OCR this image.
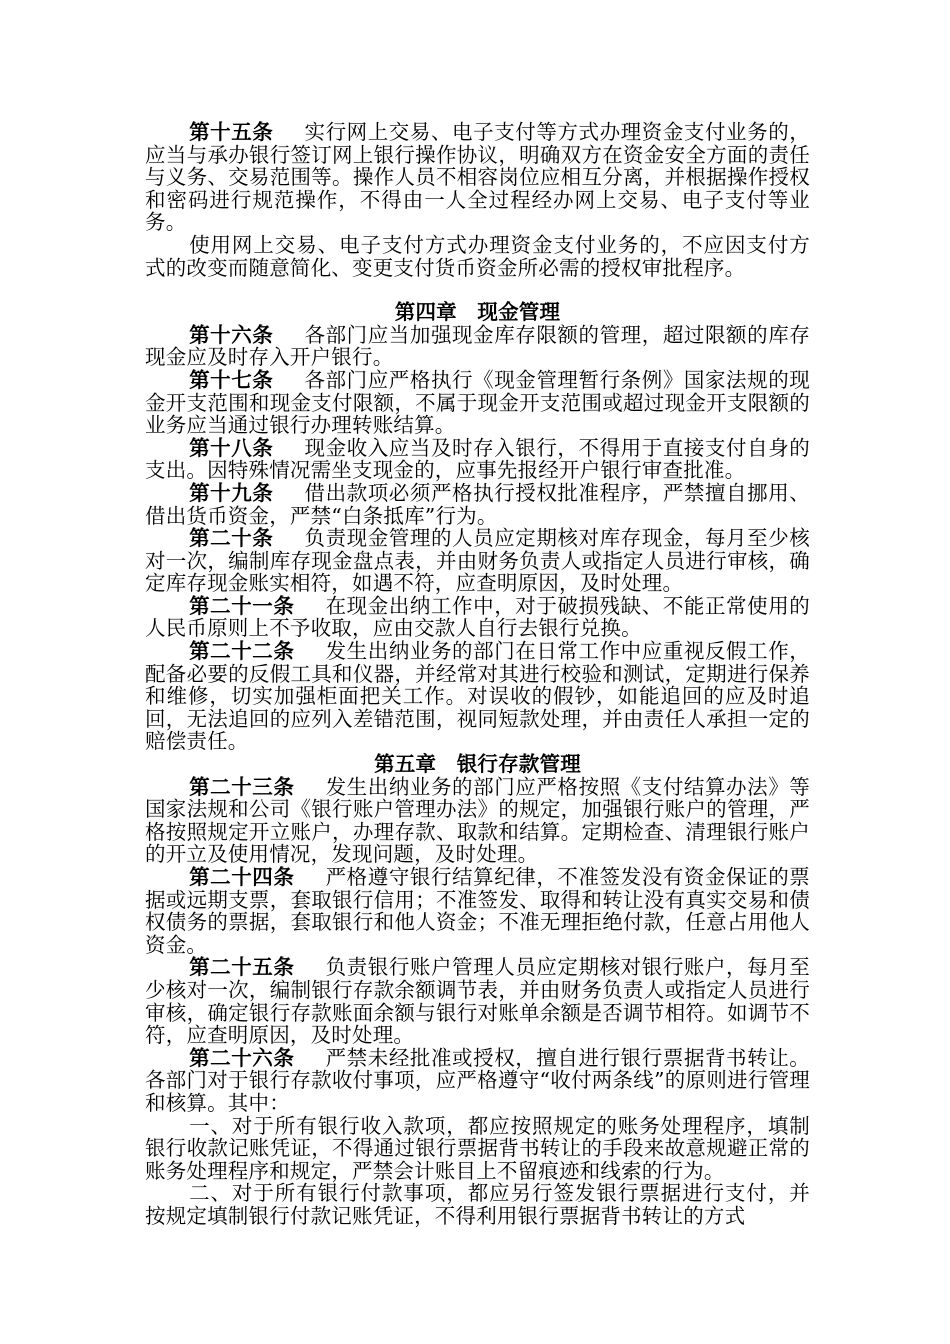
第十五条 实行网上交易、电子支付等方式办理资金支付业务的，应当与承办银行签订网上银行操作协议，明确双方在资金安全方面的责任与义务、交易范围等。操作人员不相容岗位应相互分离，并根据操作授权和密码进行规范操作，不得由一人全过程经办网上交易、电子支付等业务。

使用网上交易、电子支付方式办理资金支付业务的，不应因支付方式的改变而随意简化、变更支付货币资金所必需的授权审批程序。

第四章 现金管理

第十六条 各部门应当加强现金库存限额的管理，超过限额的库存现金应及时存入开户银行。

第十七条 各部门应严格执行《现金管理暂行条例》国家法规的现金开支范围和现金支付限额，不属于现金开支范围或超过现金开支限额的业务应当通过银行办理转账结算。

第十八条 现金收入应当及时存入银行，不得用于直接支付自身的支出。因特殊情况需坐支现金的，应事先报经开户银行审查批准。

第十九条 借出款项必须严格执行授权批准程序，严禁擅自挪用、借出货币资金，严禁“白条抵库”行为。

第二十条 负责现金管理的人员应定期核对库存现金，每月至少核对一次，编制库存现金盘点表，并由财务负责人或指定人员进行审核，确定库存现金账实相符，如遇不符，应查明原因，及时处理。

第二十一条 在现金出纳工作中，对于破损残缺、不能正常使用的人民币原则上不予收取，应由交款人自行去银行兑换。

第二十二条 发生出纳业务的部门在日常工作中应重视反假工作，配备必要的反假工具和仪器，并经常对其进行校验和测试，定期进行保养和维修，切实加强柜面把关工作。对误收的假钞，如能追回的应及时追回，无法追回的应列入差错范围，视同短款处理，并由责任人承担一定的赔偿责任。

第五章 银行存款管理

第二十三条 发生出纳业务的部门应严格按照《支付结算办法》等国家法规和公司《银行账户管理办法》的规定，加强银行账户的管理，严格按照规定开立账户，办理存款、取款和结算。定期检查、清理银行账户的开立及使用情况，发现问题，及时处理。

第二十四条 严格遵守银行结算纪律，不准签发没有资金保证的票据或远期支票，套取银行信用；不准签发、取得和转让没有真实交易和债权债务的票据，套取银行和他人资金；不准无理拒绝付款，任意占用他人资金。

第二十五条 负责银行账户管理人员应定期核对银行账户，每月至少核对一次，编制银行存款余额调节表，并由财务负责人或指定人员进行审核，确定银行存款账面余额与银行对账单余额是否调节相符。如调节不符，应查明原因，及时处理。

第二十六条 严禁未经批准或授权，擅自进行银行票据背书转让。各部门对于银行存款收付事项，应严格遵守“收付两条线”的原则进行管理和核算。其中：

一、对于所有银行收入款项，都应按照规定的账务处理程序，填制银行收款记账凭证，不得通过银行票据背书转让的手段来故意规避正常的账务处理程序和规定，严禁会计账目上不留痕迹和线索的行为。

二、对于所有银行付款事项，都应另行签发银行票据进行支付，并按规定填制银行付款记账凭证，不得利用银行票据背书转让的方式
